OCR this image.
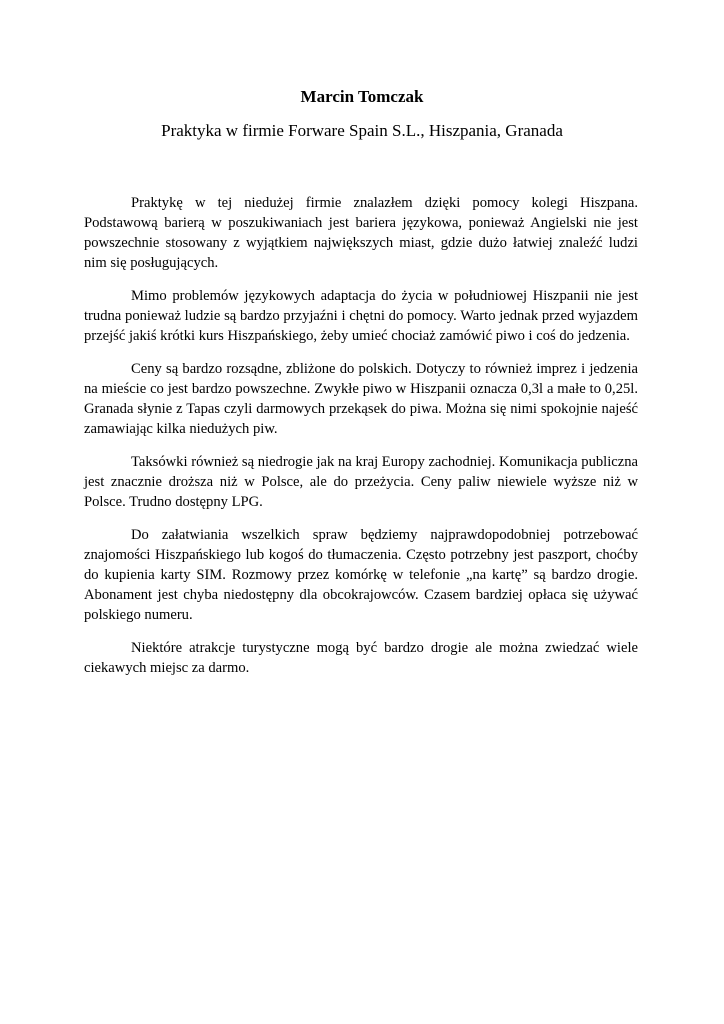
Marcin Tomczak
Praktyka w firmie Forware Spain S.L., Hiszpania, Granada

Praktykę w tej niedużej firmie znalazłem dzięki pomocy kolegi Hiszpana. Podstawową barierą w poszukiwaniach jest bariera językowa, ponieważ Angielski nie jest powszechnie stosowany z wyjątkiem największych miast, gdzie dużo łatwiej znaleźć ludzi nim się posługujących.

Mimo problemów językowych adaptacja do życia w południowej Hiszpanii nie jest trudna ponieważ ludzie są bardzo przyjaźni i chętni do pomocy. Warto jednak przed wyjazdem przejść jakiś krótki kurs Hiszpańskiego, żeby umieć chociaż zamówić piwo i coś do jedzenia.

Ceny są bardzo rozsądne, zbliżone do polskich. Dotyczy to również imprez i jedzenia na mieście co jest bardzo powszechne. Zwykłe piwo w Hiszpanii oznacza 0,3l a małe to 0,25l. Granada słynie z Tapas czyli darmowych przekąsek do piwa. Można się nimi spokojnie najeść zamawiając kilka niedużych piw.

Taksówki również są niedrogie jak na kraj Europy zachodniej. Komunikacja publiczna jest znacznie droższa niż w Polsce, ale do przeżycia. Ceny paliw niewiele wyższe niż w Polsce. Trudno dostępny LPG.

Do załatwiania wszelkich spraw będziemy najprawdopodobniej potrzebować znajomości Hiszpańskiego lub kogoś do tłumaczenia. Często potrzebny jest paszport, choćby do kupienia karty SIM. Rozmowy przez komórkę w telefonie „na kartę” są bardzo drogie. Abonament jest chyba niedostępny dla obcokrajowców. Czasem bardziej opłaca się używać polskiego numeru.

Niektóre atrakcje turystyczne mogą być bardzo drogie ale można zwiedzać wiele ciekawych miejsc za darmo.
